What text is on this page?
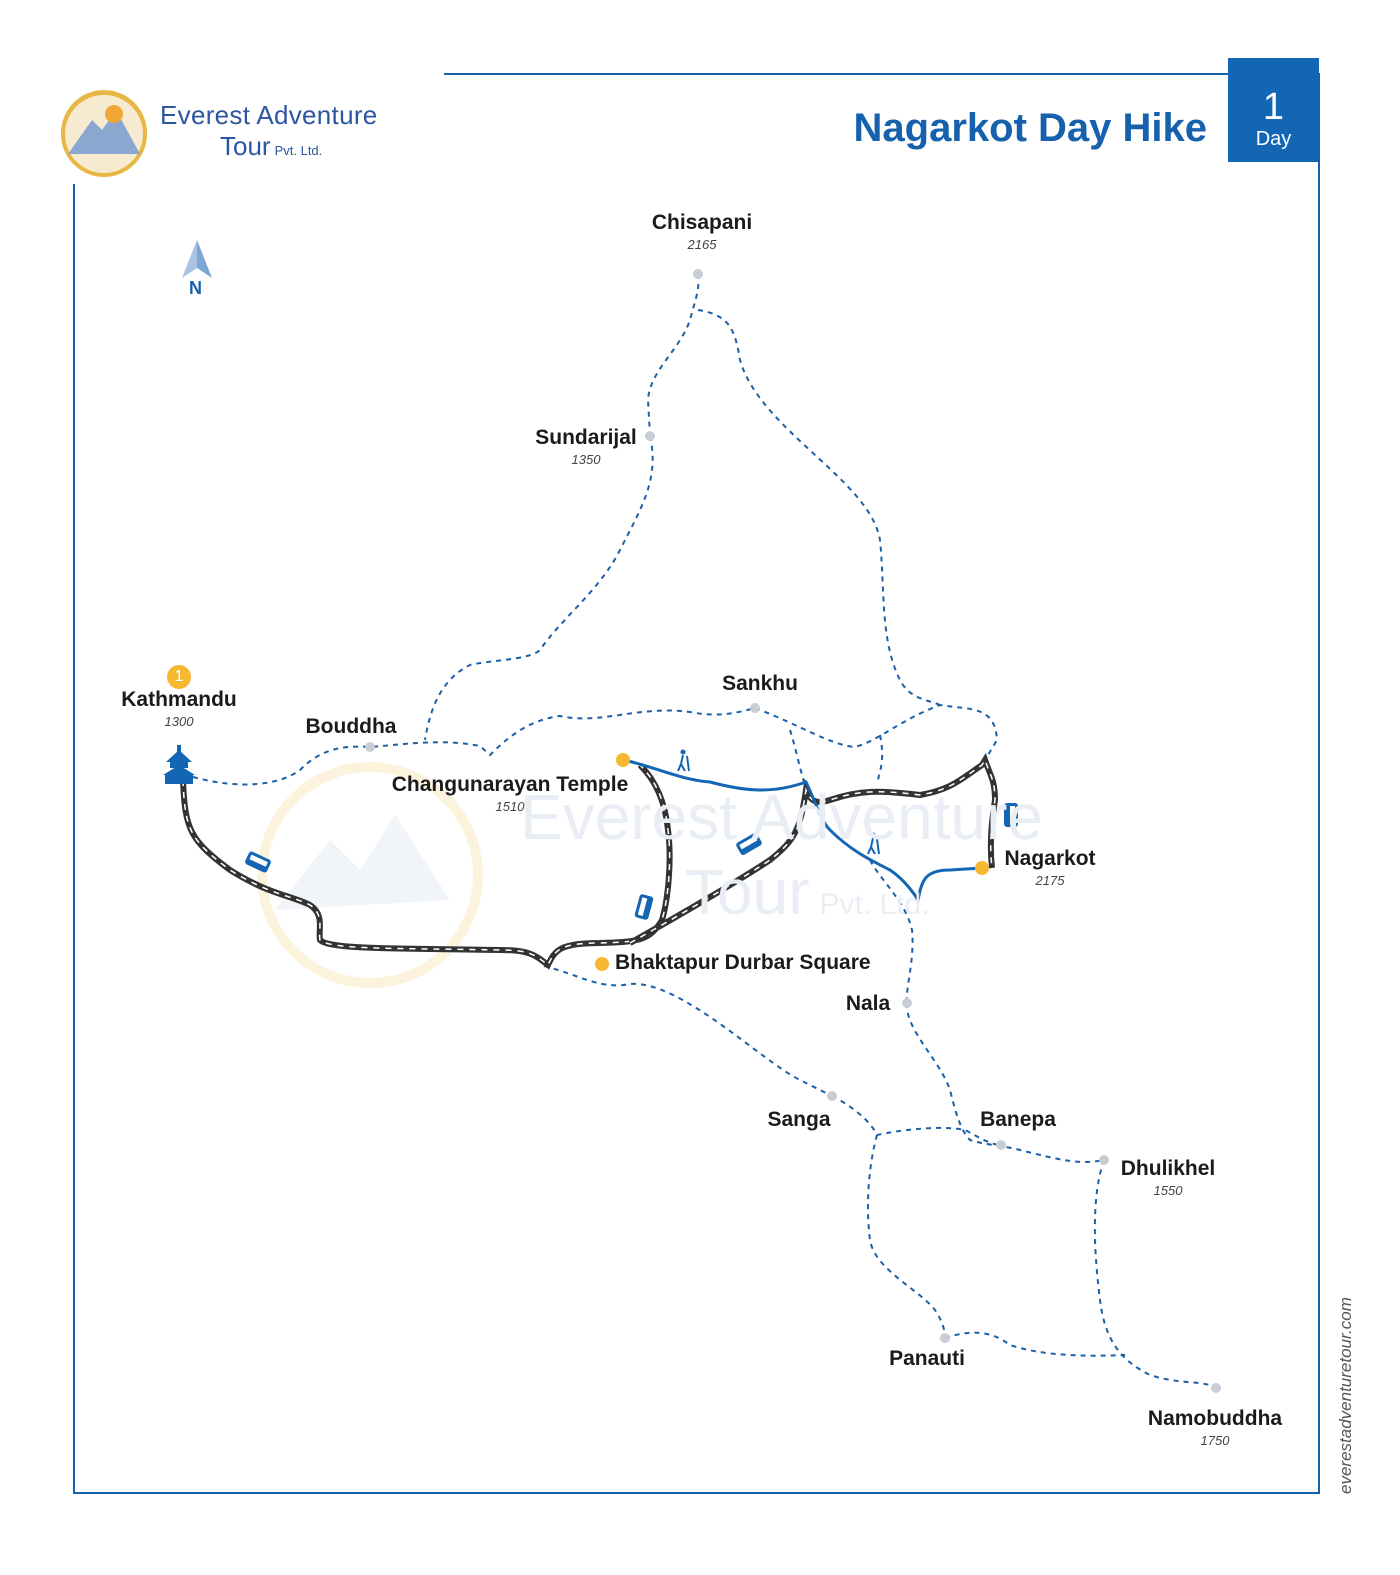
Everest Adventure
Tour Pvt. Ltd.
Everest Adventure
Tour Pvt. Ltd.
Nagarkot Day Hike	1
Day
N
1
Chisapani
2165
Sundarijal
1350
Kathmandu
1300	Bouddha
Sankhu
Changunarayan Temple
1510
Nagarkot
2175
Bhaktapur Durbar Square
Nala
Sanga	Banepa
Dhulikhel
1550
Panauti
Namobuddha
1750	everestadventuretour.com
